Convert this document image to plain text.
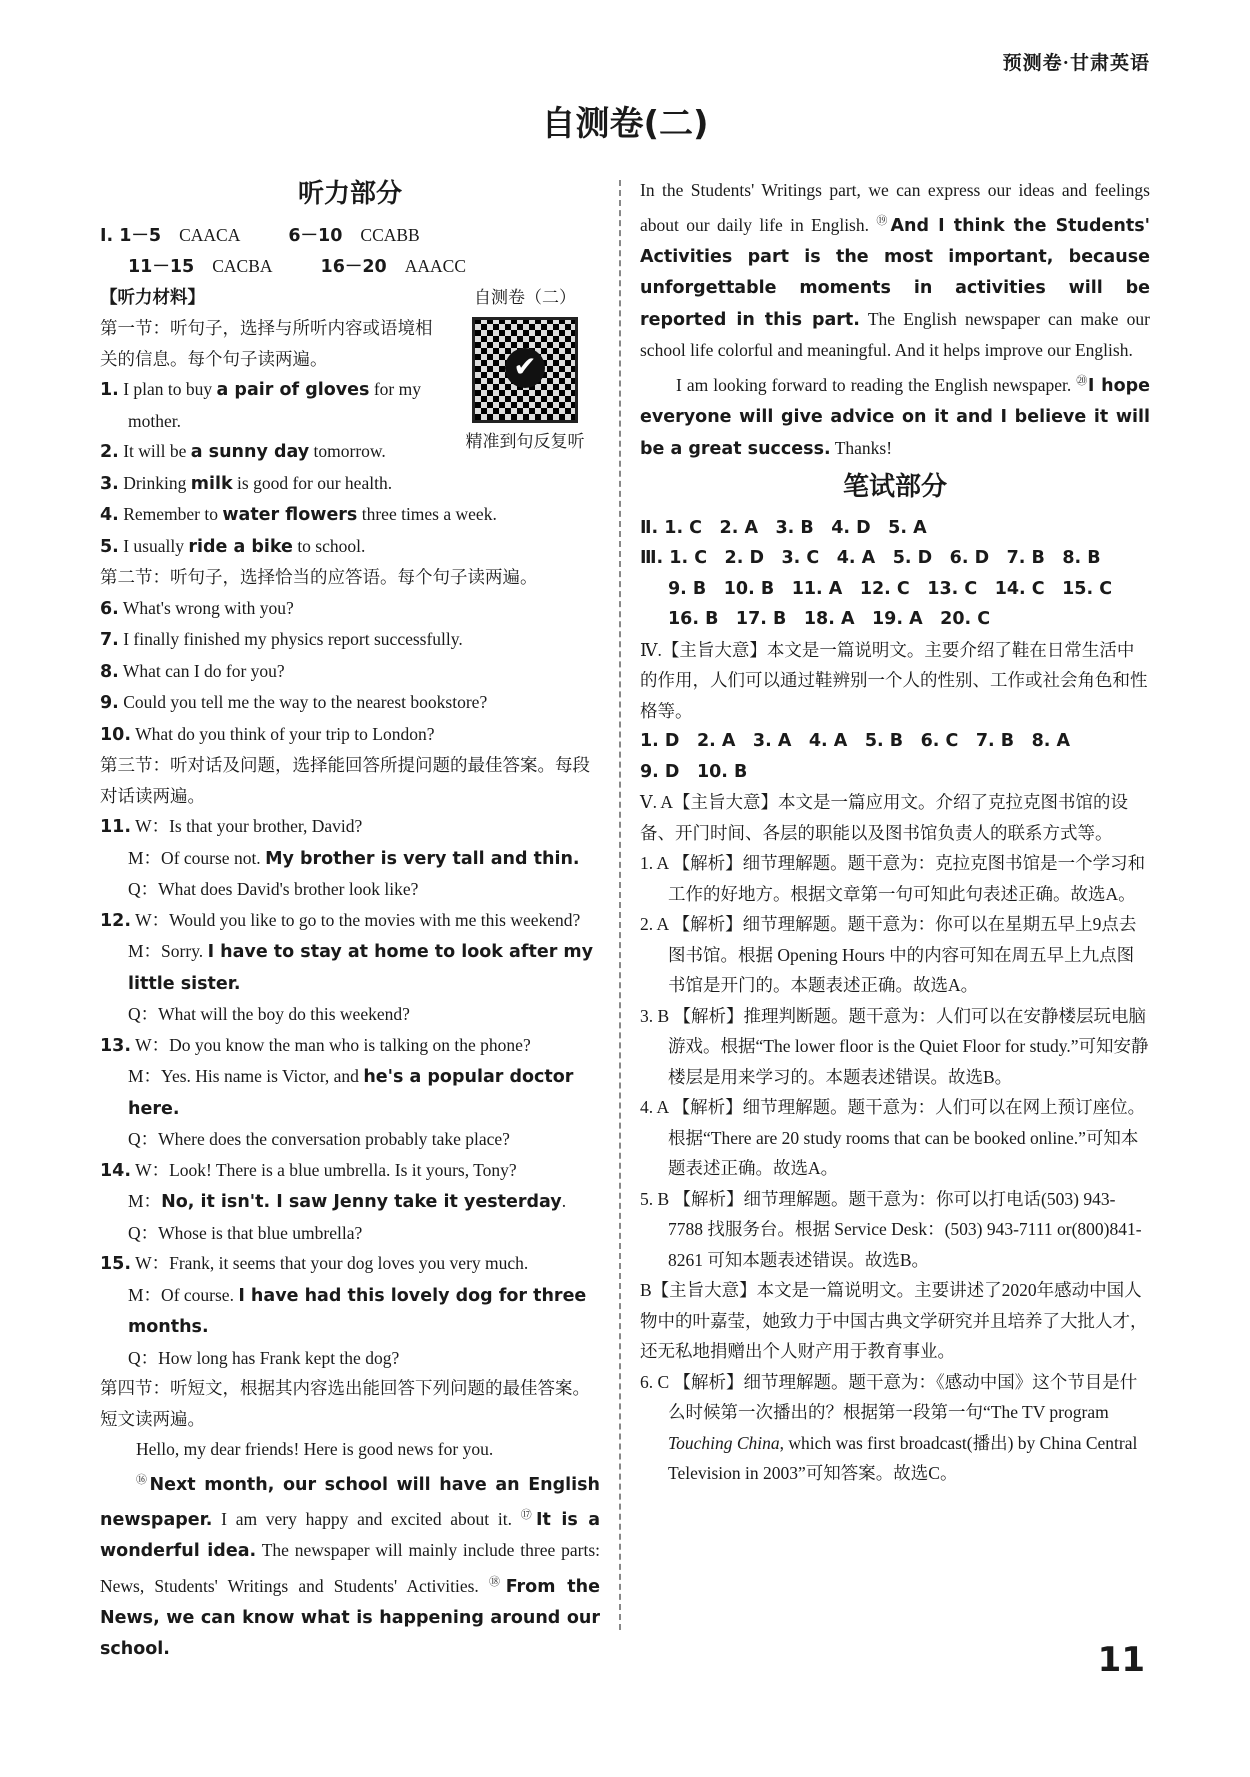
预测卷·甘肃英语
自测卷(二)
听力部分
Ⅰ. 1－5 CAACA	6－10 CCABB
11－15 CACBA	16－20 AAACC
自测卷（二）
✔
精准到句反复听
【听力材料】
第一节：听句子，选择与所听内容或语境相关的信息。每个句子读两遍。
1. I plan to buy a pair of gloves for my mother.
2. It will be a sunny day tomorrow.
3. Drinking milk is good for our health.
4. Remember to water flowers three times a week.
5. I usually ride a bike to school.
第二节：听句子，选择恰当的应答语。每个句子读两遍。
6. What's wrong with you?
7. I finally finished my physics report successfully.
8. What can I do for you?
9. Could you tell me the way to the nearest bookstore?
10. What do you think of your trip to London?
第三节：听对话及问题，选择能回答所提问题的最佳答案。每段对话读两遍。
11. W：Is that your brother, David?
M：Of course not. My brother is very tall and thin.
Q：What does David's brother look like?
12. W：Would you like to go to the movies with me this weekend?
M：Sorry. I have to stay at home to look after my little sister.
Q：What will the boy do this weekend?
13. W：Do you know the man who is talking on the phone?
M：Yes. His name is Victor, and he's a popular doctor here.
Q：Where does the conversation probably take place?
14. W：Look! There is a blue umbrella. Is it yours, Tony?
M：No, it isn't. I saw Jenny take it yesterday.
Q：Whose is that blue umbrella?
15. W：Frank, it seems that your dog loves you very much.
M：Of course. I have had this lovely dog for three months.
Q：How long has Frank kept the dog?
第四节：听短文，根据其内容选出能回答下列问题的最佳答案。短文读两遍。
Hello, my dear friends! Here is good news for you.
⑯Next month, our school will have an English newspaper. I am very happy and excited about it. ⑰It is a wonderful idea. The newspaper will mainly include three parts: News, Students' Writings and Students' Activities. ⑱From the News, we can know what is happening around our school.
In the Students' Writings part, we can express our ideas and feelings about our daily life in English. ⑲And I think the Students' Activities part is the most important, because unforgettable moments in activities will be reported in this part. The English newspaper can make our school life colorful and meaningful. And it helps improve our English.
I am looking forward to reading the English newspaper. ⑳I hope everyone will give advice on it and I believe it will be a great success. Thanks!
笔试部分
Ⅱ. 1. C　2. A　3. B　4. D　5. A
Ⅲ. 1. C　2. D　3. C　4. A　5. D　6. D　7. B　8. B
9. B　10. B　11. A　12. C　13. C　14. C　15. C
16. B　17. B　18. A　19. A　20. C
Ⅳ.【主旨大意】本文是一篇说明文。主要介绍了鞋在日常生活中的作用，人们可以通过鞋辨别一个人的性别、工作或社会角色和性格等。
1. D　2. A　3. A　4. A　5. B　6. C　7. B　8. A
9. D　10. B
Ⅴ. A【主旨大意】本文是一篇应用文。介绍了克拉克图书馆的设备、开门时间、各层的职能以及图书馆负责人的联系方式等。
1. A 【解析】细节理解题。题干意为：克拉克图书馆是一个学习和工作的好地方。根据文章第一句可知此句表述正确。故选A。
2. A 【解析】细节理解题。题干意为：你可以在星期五早上9点去图书馆。根据 Opening Hours 中的内容可知在周五早上九点图书馆是开门的。本题表述正确。故选A。
3. B 【解析】推理判断题。题干意为：人们可以在安静楼层玩电脑游戏。根据“The lower floor is the Quiet Floor for study.”可知安静楼层是用来学习的。本题表述错误。故选B。
4. A 【解析】细节理解题。题干意为：人们可以在网上预订座位。根据“There are 20 study rooms that can be booked online.”可知本题表述正确。故选A。
5. B 【解析】细节理解题。题干意为：你可以打电话(503) 943-7788 找服务台。根据 Service Desk：(503) 943-7111 or(800)841-8261 可知本题表述错误。故选B。
B【主旨大意】本文是一篇说明文。主要讲述了2020年感动中国人物中的叶嘉莹，她致力于中国古典文学研究并且培养了大批人才，还无私地捐赠出个人财产用于教育事业。
6. C 【解析】细节理解题。题干意为：《感动中国》这个节目是什么时候第一次播出的？根据第一段第一句“The TV program Touching China, which was first broadcast(播出) by China Central Television in 2003”可知答案。故选C。
11
